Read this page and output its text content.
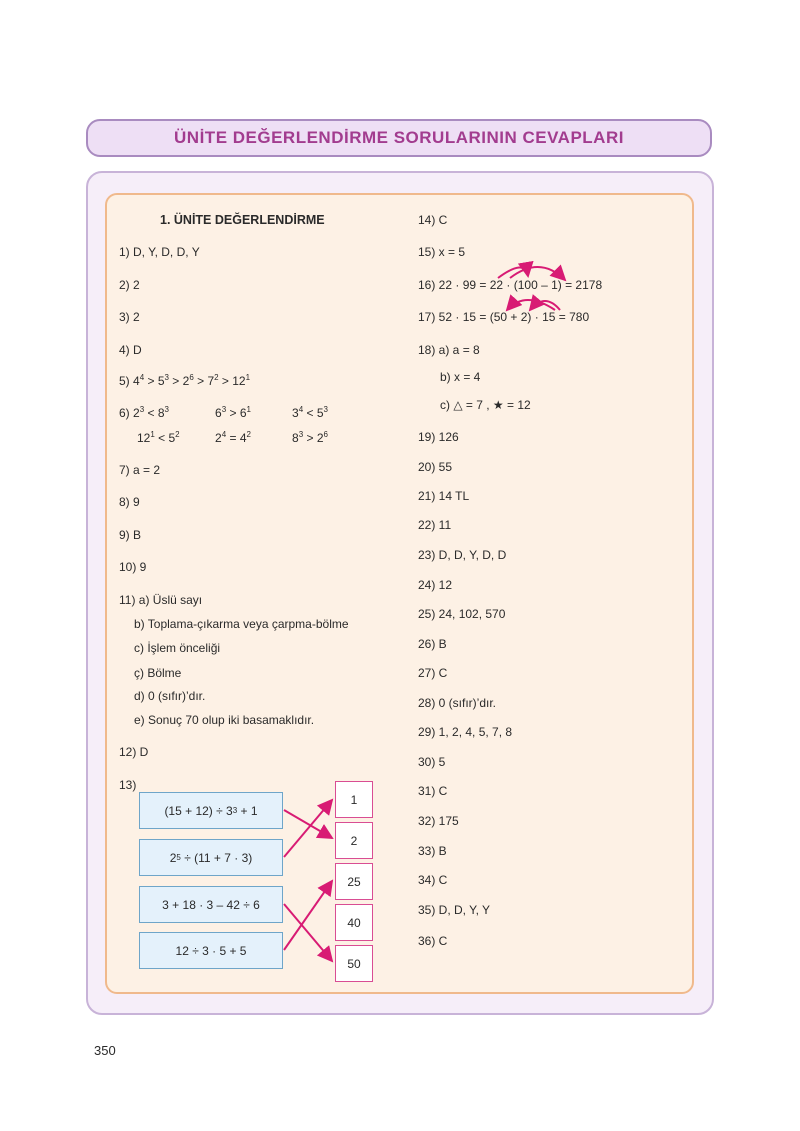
ÜNİTE DEĞERLENDİRME SORULARININ CEVAPLARI
1. ÜNİTE DEĞERLENDİRME
1) D, Y, D, D, Y
2) 2
3) 2
4) D
5) $4^4 > 5^3 > 2^6 > 7^2 > 12^1$
6) $2^3 < 8^3$	$6^3 > 6^1$	$3^4 < 5^3$
$12^1 < 5^2$	$2^4 = 4^2$	$8^3 > 2^6$
7) a = 2
8) 9
9) B
10) 9
11) a) Üslü sayı
b) Toplama-çıkarma veya çarpma-bölme
c) İşlem önceliği
ç) Bölme
d) 0 (sıfır)’dır.
e) Sonuç 70 olup iki basamaklıdır.
12) D
13)
(15 + 12) ÷ 3 3 + 1
2 5 ÷ (11 + 7 · 3)
3 + 18 · 3 – 42 ÷ 6
12 ÷ 3 · 5 + 5
1
2
25
40
50
14) C
15) x = 5
16) 22 · 99 = 22 · (100 – 1) = 2178
17) 52 · 15 = (50 + 2) · 15 = 780
18) a) a = 8
b) x = 4
c) △ = 7 , ★ = 12
19) 126
20) 55
21) 14 TL
22) 11
23) D, D, Y, D, D
24) 12
25) 24, 102, 570
26) B
27) C
28) 0 (sıfır)’dır.
29) 1, 2, 4, 5, 7, 8
30) 5
31) C
32) 175
33) B
34) C
35) D, D, Y, Y
36) C
350
